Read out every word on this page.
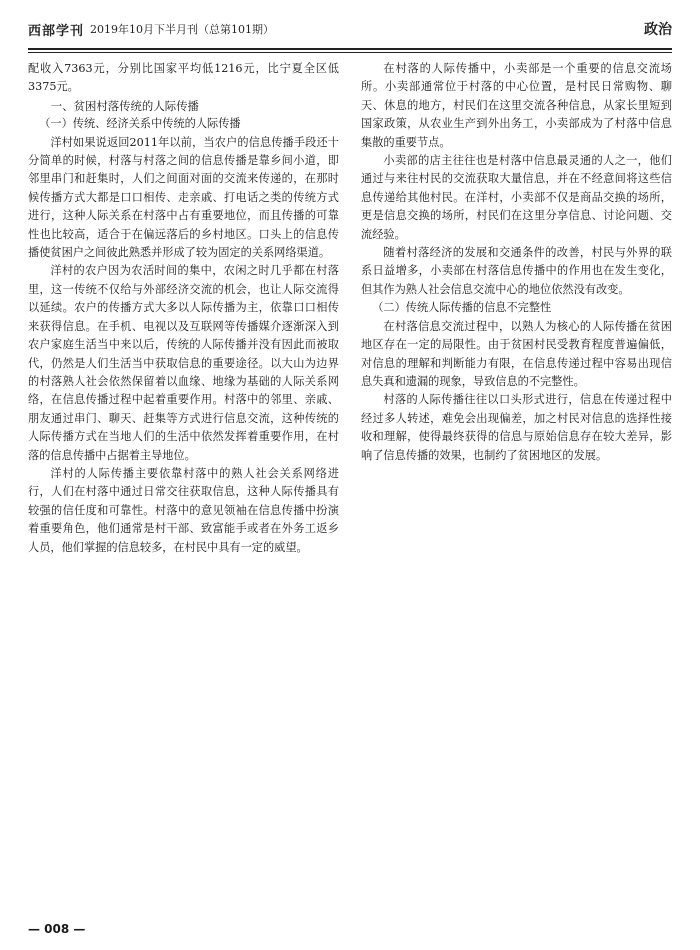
西部学刊 2019年10月下半月刊（总第101期）	政治

配收入7363元，分别比国家平均低1216元，比宁夏全区低3375元。

一、贫困村落传统的人际传播
（一）传统、经济关系中传统的人际传播

洋村如果说返回2011年以前，当农户的信息传播手段还十分简单的时候，村落与村落之间的信息传播是靠乡间小道，即邻里串门和赶集时，人们之间面对面的交流来传递的，在那时候传播方式大都是口口相传、走亲戚、打电话之类的传统方式进行，这种人际关系在村落中占有重要地位，而且传播的可靠性也比较高，适合于在偏远落后的乡村地区。口头上的信息传播使贫困户之间彼此熟悉并形成了较为固定的关系网络渠道。

洋村的农户因为农活时间的集中，农闲之时几乎都在村落里，这一传统不仅给与外部经济交流的机会，也让人际交流得以延续。农户的传播方式大多以人际传播为主，依靠口口相传来获得信息。在手机、电视以及互联网等传播媒介逐渐深入到农户家庭生活当中来以后，传统的人际传播并没有因此而被取代，仍然是人们生活当中获取信息的重要途径。以大山为边界的村落熟人社会依然保留着以血缘、地缘为基础的人际关系网络，在信息传播过程中起着重要作用。村落中的邻里、亲戚、朋友通过串门、聊天、赶集等方式进行信息交流，这种传统的人际传播方式在当地人们的生活中依然发挥着重要作用，在村落的信息传播中占据着主导地位。

洋村的人际传播主要依靠村落中的熟人社会关系网络进行，人们在村落中通过日常交往获取信息，这种人际传播具有较强的信任度和可靠性。村落中的意见领袖在信息传播中扮演着重要角色，他们通常是村干部、致富能手或者在外务工返乡人员，他们掌握的信息较多，在村民中具有一定的威望。

在村落的人际传播中，小卖部是一个重要的信息交流场所。小卖部通常位于村落的中心位置，是村民日常购物、聊天、休息的地方，村民们在这里交流各种信息，从家长里短到国家政策，从农业生产到外出务工，小卖部成为了村落中信息集散的重要节点。

小卖部的店主往往也是村落中信息最灵通的人之一，他们通过与来往村民的交流获取大量信息，并在不经意间将这些信息传递给其他村民。在洋村，小卖部不仅是商品交换的场所，更是信息交换的场所，村民们在这里分享信息、讨论问题、交流经验。

随着村落经济的发展和交通条件的改善，村民与外界的联系日益增多，小卖部在村落信息传播中的作用也在发生变化，但其作为熟人社会信息交流中心的地位依然没有改变。

（二）传统人际传播的信息不完整性

在村落信息交流过程中，以熟人为核心的人际传播在贫困地区存在一定的局限性。由于贫困村民受教育程度普遍偏低，对信息的理解和判断能力有限，在信息传递过程中容易出现信息失真和遗漏的现象，导致信息的不完整性。

村落的人际传播往往以口头形式进行，信息在传递过程中经过多人转述，难免会出现偏差，加之村民对信息的选择性接收和理解，使得最终获得的信息与原始信息存在较大差异，影响了信息传播的效果，也制约了贫困地区的发展。

— 008 —
